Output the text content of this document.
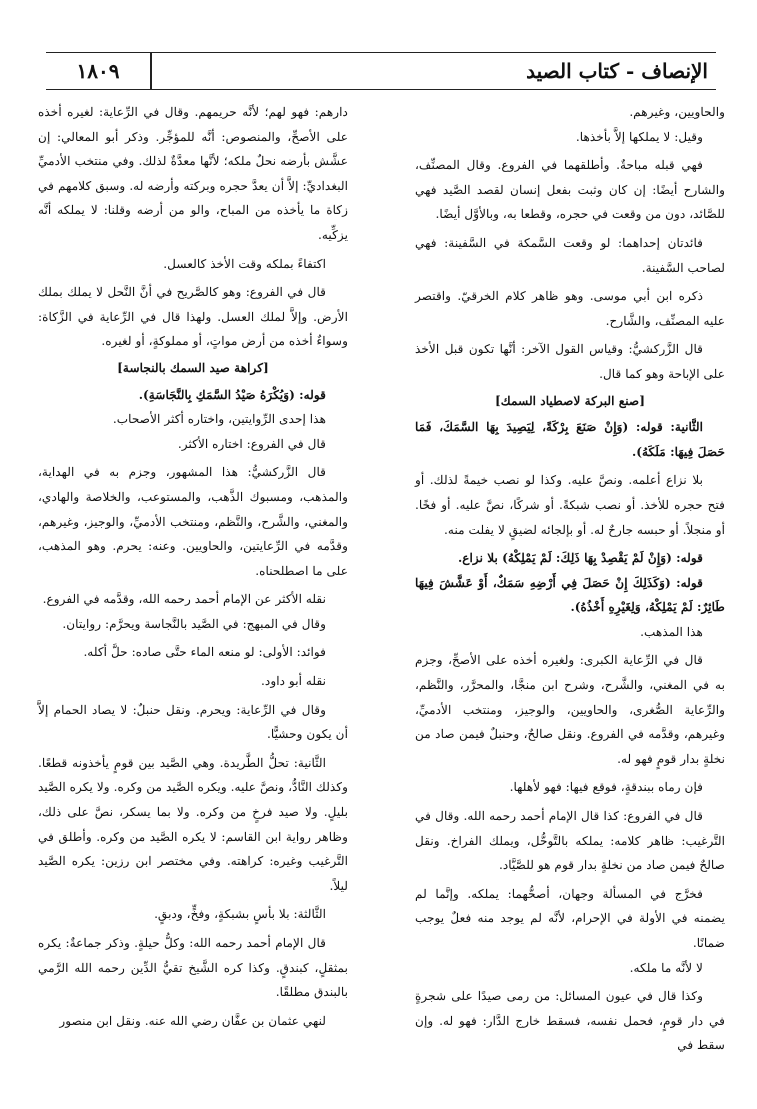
الإنصاف - كتاب الصيد
١٨٠٩

والحاويين، وغيرهم.

وقيل: لا يملكها إلاَّ بأخذها.

فهي قبله مباحةٌ. وأطلقهما في الفروع. وقال المصنِّف، والشارح أيضًا: إن كان وثبت بفعل إنسان لقصد الصَّيد فهي للصَّائد، دون من وقعت في حجره، وقطعا به، وبالأوَّل أيضًا.

فائدتان إحداهما: لو وقعت السَّمكة في السَّفينة: فهي لصاحب السَّفينة.

ذكره ابن أبي موسى. وهو ظاهر كلام الخرقيّ. واقتصر عليه المصنِّف، والشَّارح.

قال الزَّركشيُّ: وقياس القول الآخر: أنَّها تكون قبل الأخذ على الإباحة وهو كما قال.

[صنع البركة لاصطياد السمك]

الثَّانية: قوله: (وَإِنْ صَنَعَ بِرْكَةً، لِيَصِيدَ بِهَا السَّمَكَ، فَمَا حَصَلَ فِيهَا: مَلَكَهُ).

بلا نزاع أعلمه. ونصَّ عليه. وكذا لو نصب خيمةً لذلك. أو فتح حجره للأخذ. أو نصب شبكةً. أو شركًا، نصَّ عليه. أو فخًا. أو منجلاً. أو حبسه جارحٌ له. أو بإلجائه لضيقٍ لا يفلت منه.

قوله: (وَإِنْ لَمْ يَقْصِدْ بِهَا ذَلِكَ: لَمْ يَمْلِكْهُ) بلا نزاع.

قوله: (وَكَذَلِكَ إِنْ حَصَلَ فِي أَرْضِهِ سَمَكٌ، أَوْ عَشَّشَ فِيهَا طَائِرٌ: لَمْ يَمْلِكْهُ، وَلِغَيْرِهِ أَخْذُهُ).

هذا المذهب.

قال في الرِّعاية الكبرى: ولغيره أخذه على الأصحِّ، وجزم به في المغني، والشَّرح، وشرح ابن منجَّا، والمحرَّر، والنَّظم، والرِّعاية الصُّغرى، والحاويين، والوجيز، ومنتخب الأدميِّ، وغيرهم، وقدَّمه في الفروع. ونقل صالحٌ، وحنبلٌ فيمن صاد من نخلةٍ بدار قومٍ فهو له.

فإن رماه ببندقةٍ، فوقع فيها: فهو لأهلها.

قال في الفروع: كذا قال الإمام أحمد رحمه الله. وقال في التَّرغيب: ظاهر كلامه: يملكه بالتَّوحُّل، ويملك الفراخ. ونقل صالحٌ فيمن صاد من نخلةٍ بدار قوم هو للصَّيَّاد.

فخرَّج في المسألة وجهان، أصحُّهما: يملكه. وإنَّما لم يضمنه في الأولة في الإحرام، لأنَّه لم يوجد منه فعلٌ يوجب ضمانًا.

لا لأنَّه ما ملكه.

وكذا قال في عيون المسائل: من رمى صيدًا على شجرةٍ في دار قومٍ، فحمل نفسه، فسقط خارج الدَّار: فهو له. وإن سقط في

دارهم: فهو لهم؛ لأنَّه حريمهم. وقال في الرِّعاية: لغيره أخذه على الأصحِّ، والمنصوص: أنَّه للمؤجِّر. وذكر أبو المعالي: إن عشَّش بأرضه نحلٌ ملكه؛ لأنَّها معدَّةٌ لذلك. وفي منتخب الأدميِّ البغداديِّ: إلاَّ أن يعدَّ حجره وبركته وأرضه له. وسبق كلامهم في زكاة ما يأخذه من المباح، والو من أرضه وقلنا: لا يملكه أنَّه يزكِّيه.

اكتفاءً بملكه وقت الأخذ كالعسل.

قال في الفروع: وهو كالصَّريح في أنَّ النَّحل لا يملك بملك الأرض. وإلاَّ لملك العسل. ولهذا قال في الرِّعاية في الزَّكاة: وسواءٌ أخذه من أرض مواتٍ، أو مملوكةٍ، أو لغيره.

[كراهة صيد السمك بالنجاسة]

قوله: (وَيُكْرَهُ صَيْدُ السَّمَكِ بِالنَّجَاسَةِ).

هذا إحدى الرِّوايتين، واختاره أكثر الأصحاب.

قال في الفروع: اختاره الأكثر.

قال الزَّركشيُّ: هذا المشهور، وجزم به في الهداية، والمذهب، ومسبوك الذَّهب، والمستوعب، والخلاصة والهادي، والمغني، والشَّرح، والنَّظم، ومنتخب الأدميِّ، والوجيز، وغيرهم، وقدَّمه في الرِّعايتين، والحاويين. وعنه: يحرم. وهو المذهب، على ما اصطلحناه.

نقله الأكثر عن الإمام أحمد رحمه الله، وقدَّمه في الفروع.

وقال في المبهج: في الصَّيد بالنَّجاسة ويحرَّم: روايتان.

فوائد: الأولى: لو منعه الماء حتَّى صاده: حلَّ أكله.

نقله أبو داود.

وقال في الرِّعاية: ويحرم. ونقل حنبلٌ: لا يصاد الحمام إلاَّ أن يكون وحشيًّا.

الثَّانية: تحلُّ الطَّريدة. وهي الصَّيد بين قومٍ يأخذونه قطعًا. وكذلك النَّادُّ، ونصَّ عليه. ويكره الصَّيد من وكره. ولا يكره الصَّيد بليلٍ. ولا صيد فرخٍ من وكره. ولا بما يسكر، نصَّ على ذلك، وظاهر رواية ابن القاسم: لا يكره الصَّيد من وكره. وأطلق في التَّرغيب وغيره: كراهته. وفي مختصر ابن رزين: يكره الصَّيد ليلاً.

الثَّالثة: بلا بأسٍ بشبكةٍ، وفخٍّ، ودبقٍ.

قال الإمام أحمد رحمه الله: وكلُّ حيلةٍ. وذكر جماعةٌ: يكره بمثقلٍ، كبندقٍ. وكذا كره الشَّيخ تقيُّ الدِّين رحمه الله الرَّمي بالبندق مطلقًا.

لنهي عثمان بن عفَّان رضي الله عنه. ونقل ابن منصور
